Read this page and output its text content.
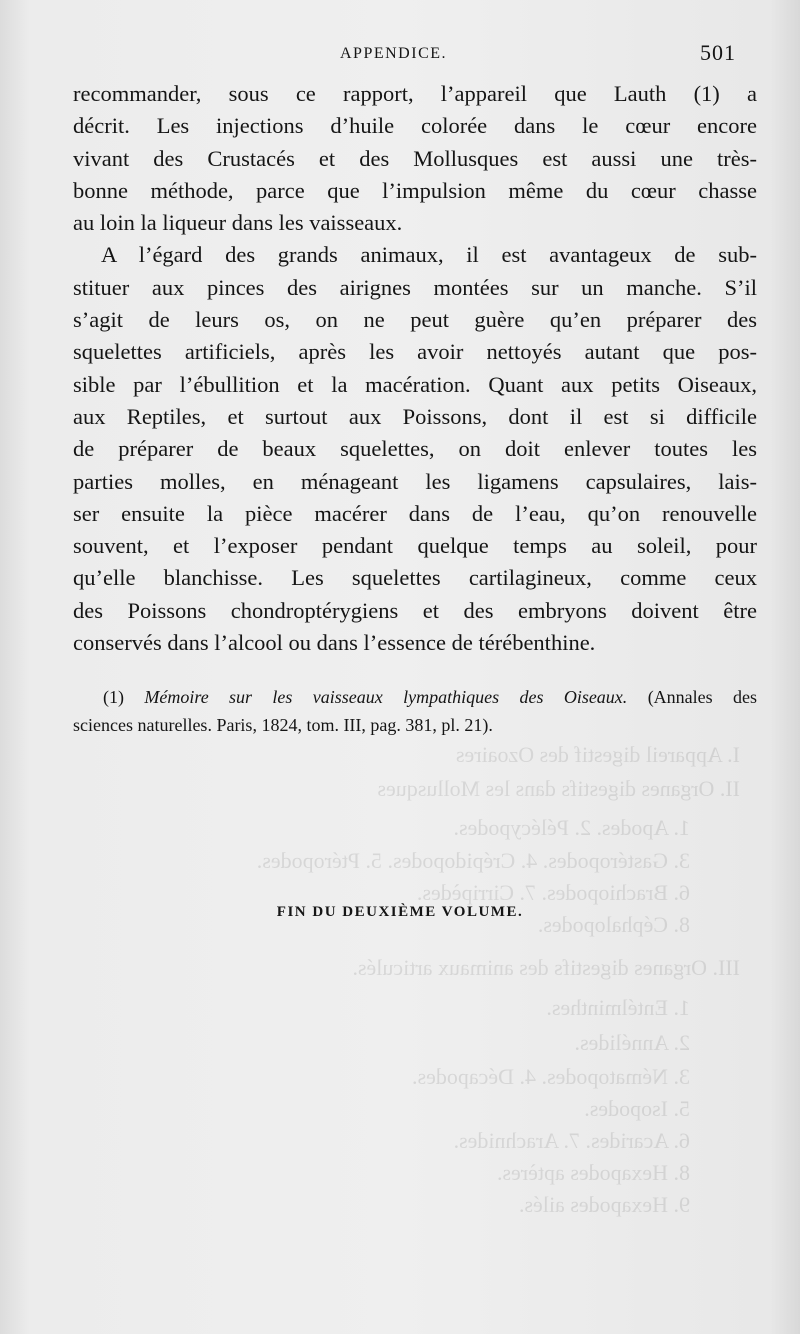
I. Appareil digestif des Ozoaires
II. Organes digestifs dans les Mollusques
1. Apodes. 2. Pélécypodes.
3. Gastéropodes. 4. Crépidopodes. 5. Ptéropodes.
6. Brachiopodes. 7. Cirripèdes.
8. Céphalopodes.
III. Organes digestifs des animaux articulés.
1. Entélminthes.
2. Annélides.
3. Nématopodes. 4. Décapodes.
5. Isopodes.
6. Acarides. 7. Arachnides.
8. Hexapodes aptères.
9. Hexapodes ailés.
APPENDICE.	501
recommander, sous ce rapport, l’appareil que Lauth (1) a
décrit. Les injections d’huile colorée dans le cœur encore
vivant des Crustacés et des Mollusques est aussi une très-
bonne méthode, parce que l’impulsion même du cœur chasse
au loin la liqueur dans les vaisseaux.
A l’égard des grands animaux, il est avantageux de sub-
stituer aux pinces des airignes montées sur un manche. S’il
s’agit de leurs os, on ne peut guère qu’en préparer des
squelettes artificiels, après les avoir nettoyés autant que pos-
sible par l’ébullition et la macération. Quant aux petits Oiseaux,
aux Reptiles, et surtout aux Poissons, dont il est si difficile
de préparer de beaux squelettes, on doit enlever toutes les
parties molles, en ménageant les ligamens capsulaires, lais-
ser ensuite la pièce macérer dans de l’eau, qu’on renouvelle
souvent, et l’exposer pendant quelque temps au soleil, pour
qu’elle blanchisse. Les squelettes cartilagineux, comme ceux
des Poissons chondroptérygiens et des embryons doivent être
conservés dans l’alcool ou dans l’essence de térébenthine.
(1) Mémoire sur les vaisseaux lympathiques des Oiseaux. (Annales des
sciences naturelles. Paris, 1824, tom. III, pag. 381, pl. 21).
FIN DU DEUXIÈME VOLUME.
